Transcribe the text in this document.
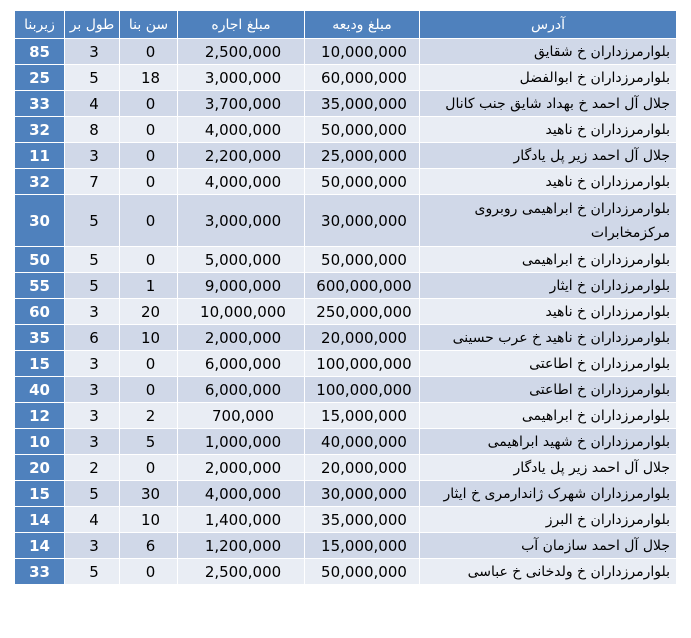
زیربنا	طول بر	سن بنا	مبلغ اجاره	مبلغ ودیعه	آدرس
85	3	0	2,500,000	10,000,000	بلوارمرزداران خ شقایق
25	5	18	3,000,000	60,000,000	بلوارمرزداران خ ابوالفضل
33	4	0	3,700,000	35,000,000	جلال آل احمد خ بهداد شایق جنب کانال
32	8	0	4,000,000	50,000,000	بلوارمرزداران خ ناهید
11	3	0	2,200,000	25,000,000	جلال آل احمد زیر پل یادگار
32	7	0	4,000,000	50,000,000	بلوارمرزداران خ ناهید
30	5	0	3,000,000	30,000,000	بلوارمرزداران خ ابراهیمی روبروی مرکزمخابرات
50	5	0	5,000,000	50,000,000	بلوارمرزداران خ ابراهیمی
55	5	1	9,000,000	600,000,000	بلوارمرزداران خ ایثار
60	3	20	10,000,000	250,000,000	بلوارمرزداران خ ناهید
35	6	10	2,000,000	20,000,000	بلوارمرزداران خ ناهید خ عرب حسینی
15	3	0	6,000,000	100,000,000	بلوارمرزداران خ اطاعتی
40	3	0	6,000,000	100,000,000	بلوارمرزداران خ اطاعتی
12	3	2	700,000	15,000,000	بلوارمرزداران خ ابراهیمی
10	3	5	1,000,000	40,000,000	بلوارمرزداران خ شهید ابراهیمی
20	2	0	2,000,000	20,000,000	جلال آل احمد زیر پل یادگار
15	5	30	4,000,000	30,000,000	بلوارمرزداران شهرک ژاندارمری خ ایثار
14	4	10	1,400,000	35,000,000	بلوارمرزداران خ البرز
14	3	6	1,200,000	15,000,000	جلال آل احمد سازمان آب
33	5	0	2,500,000	50,000,000	بلوارمرزداران خ ولدخانی خ عباسی
